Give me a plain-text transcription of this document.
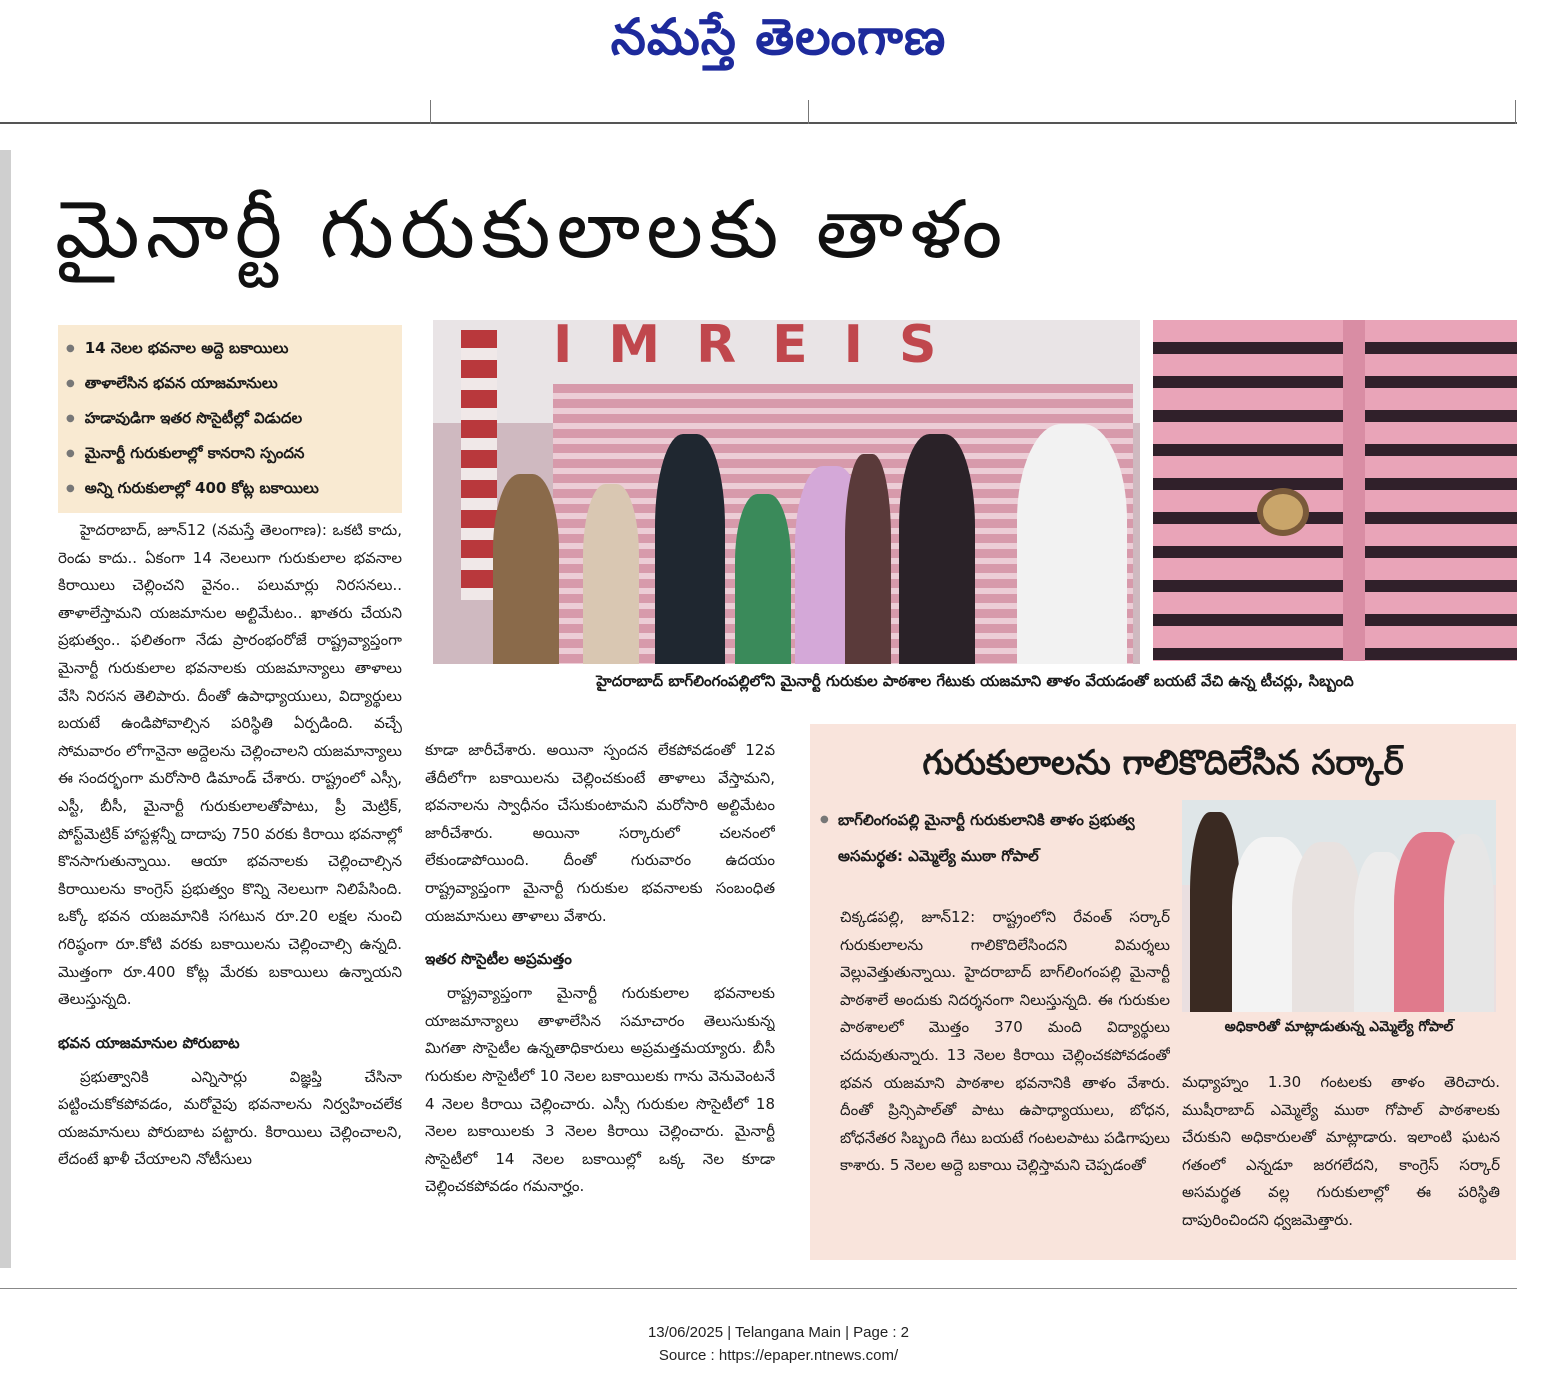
నమస్తే తెలంగాణ
మైనార్టీ గురుకులాలకు తాళం
● 14 నెలల భవనాల అద్దె బకాయిలు
● తాళాలేసిన భవన యాజమానులు
● హడావుడిగా ఇతర సొసైటీల్లో విడుదల
● మైనార్టీ గురుకులాల్లో కానరాని స్పందన
● అన్ని గురుకులాల్లో 400 కోట్ల బకాయిలు
IMREIS
హైదరాబాద్ బాగ్‌లింగంపల్లిలోని మైనార్టీ గురుకుల పాఠశాల గేటుకు యజమాని తాళం వేయడంతో బయటే వేచి ఉన్న టీచర్లు, సిబ్బంది

హైదరాబాద్, జూన్12 (నమస్తే తెలంగాణ): ఒకటి కాదు, రెండు కాదు.. ఏకంగా 14 నెలలుగా గురుకులాల భవనాల కిరాయిలు చెల్లించని వైనం.. పలుమార్లు నిరసనలు.. తాళాలేస్తామని యజమానుల అల్టిమేటం.. ఖాతరు చేయని ప్రభుత్వం.. ఫలితంగా నేడు ప్రారంభంరోజే రాష్ట్రవ్యాప్తంగా మైనార్టీ గురుకులాల భవనాలకు యజమాన్యాలు తాళాలు వేసి నిరసన తెలిపారు. దీంతో ఉపాధ్యాయులు, విద్యార్థులు బయటే ఉండిపోవాల్సిన పరిస్థితి ఏర్పడింది. వచ్చే సోమవారం లోగానైనా అద్దెలను చెల్లించాలని యజమాన్యాలు ఈ సందర్భంగా మరోసారి డిమాండ్ చేశారు. రాష్ట్రంలో ఎస్సీ, ఎస్టీ, బీసీ, మైనార్టీ గురుకులాలతోపాటు, ప్రీ మెట్రిక్, పోస్ట్‌మెట్రిక్ హాస్టళ్లన్నీ దాదాపు 750 వరకు కిరాయి భవనాల్లో కొనసాగుతున్నాయి. ఆయా భవనాలకు చెల్లించాల్సిన కిరాయిలను కాంగ్రెస్ ప్రభుత్వం కొన్ని నెలలుగా నిలిపేసింది. ఒక్కో భవన యజమానికి సగటున రూ.20 లక్షల నుంచి గరిష్ఠంగా రూ.కోటి వరకు బకాయిలను చెల్లించాల్సి ఉన్నది. మొత్తంగా రూ.400 కోట్ల మేరకు బకాయిలు ఉన్నాయని తెలుస్తున్నది.

భవన యాజమానుల పోరుబాట

ప్రభుత్వానికి ఎన్నిసార్లు విజ్ఞప్తి చేసినా పట్టించుకోకపోవడం, మరోవైపు భవనాలను నిర్వహించలేక యజమానులు పోరుబాట పట్టారు. కిరాయిలు చెల్లించాలని, లేదంటే ఖాళీ చేయాలని నోటీసులు

కూడా జారీచేశారు. అయినా స్పందన లేకపోవడంతో 12వ తేదీలోగా బకాయిలను చెల్లించకుంటే తాళాలు వేస్తామని, భవనాలను స్వాధీనం చేసుకుంటామని మరోసారి అల్టిమేటం జారీచేశారు. అయినా సర్కారులో చలనంలో లేకుండాపోయింది. దీంతో గురువారం ఉదయం రాష్ట్రవ్యాప్తంగా మైనార్టీ గురుకుల భవనాలకు సంబంధిత యజమానులు తాళాలు వేశారు.

ఇతర సొసైటీల అప్రమత్తం

రాష్ట్రవ్యాప్తంగా మైనార్టీ గురుకులాల భవనాలకు యాజమాన్యాలు తాళాలేసిన సమాచారం తెలుసుకున్న మిగతా సొసైటీల ఉన్నతాధికారులు అప్రమత్తమయ్యారు. బీసీ గురుకుల సొసైటీలో 10 నెలల బకాయిలకు గాను వెనువెంటనే 4 నెలల కిరాయి చెల్లించారు. ఎస్సీ గురుకుల సొసైటీలో 18 నెలల బకాయిలకు 3 నెలల కిరాయి చెల్లించారు. మైనార్టీ సొసైటీలో 14 నెలల బకాయిల్లో ఒక్క నెల కూడా చెల్లించకపోవడం గమనార్హం.

గురుకులాలను గాలికొదిలేసిన సర్కార్
● బాగ్‌లింగంపల్లి మైనార్టీ గురుకులానికి తాళం ప్రభుత్వ అసమర్థత: ఎమ్మెల్యే ముఠా గోపాల్
చిక్కడపల్లి, జూన్12: రాష్ట్రంలోని రేవంత్ సర్కార్ గురుకులాలను గాలికొదిలేసిందని విమర్శలు వెల్లువెత్తుతున్నాయి. హైదరాబాద్ బాగ్‌లింగంపల్లి మైనార్టీ పాఠశాలే అందుకు నిదర్శనంగా నిలుస్తున్నది. ఈ గురుకుల పాఠశాలలో మొత్తం 370 మంది విద్యార్థులు చదువుతున్నారు. 13 నెలల కిరాయి చెల్లించకపోవడంతో భవన యజమాని పాఠశాల భవనానికి తాళం వేశారు. దీంతో ప్రిన్సిపాల్‌తో పాటు ఉపాధ్యాయులు, బోధన, బోధనేతర సిబ్బంది గేటు బయటే గంటలపాటు పడిగాపులు కాశారు. 5 నెలల అద్దె బకాయి చెల్లిస్తామని చెప్పడంతో
మధ్యాహ్నం 1.30 గంటలకు తాళం తెరిచారు. ముషీరాబాద్ ఎమ్మెల్యే ముఠా గోపాల్ పాఠశాలకు చేరుకుని అధికారులతో మాట్లాడారు. ఇలాంటి ఘటన గతంలో ఎన్నడూ జరగలేదని, కాంగ్రెస్ సర్కార్ అసమర్థత వల్ల గురుకులాల్లో ఈ పరిస్థితి దాపురించిందని ధ్వజమెత్తారు.
అధికారితో మాట్లాడుతున్న ఎమ్మెల్యే గోపాల్
13/06/2025 | Telangana Main | Page : 2
Source : https://epaper.ntnews.com/
